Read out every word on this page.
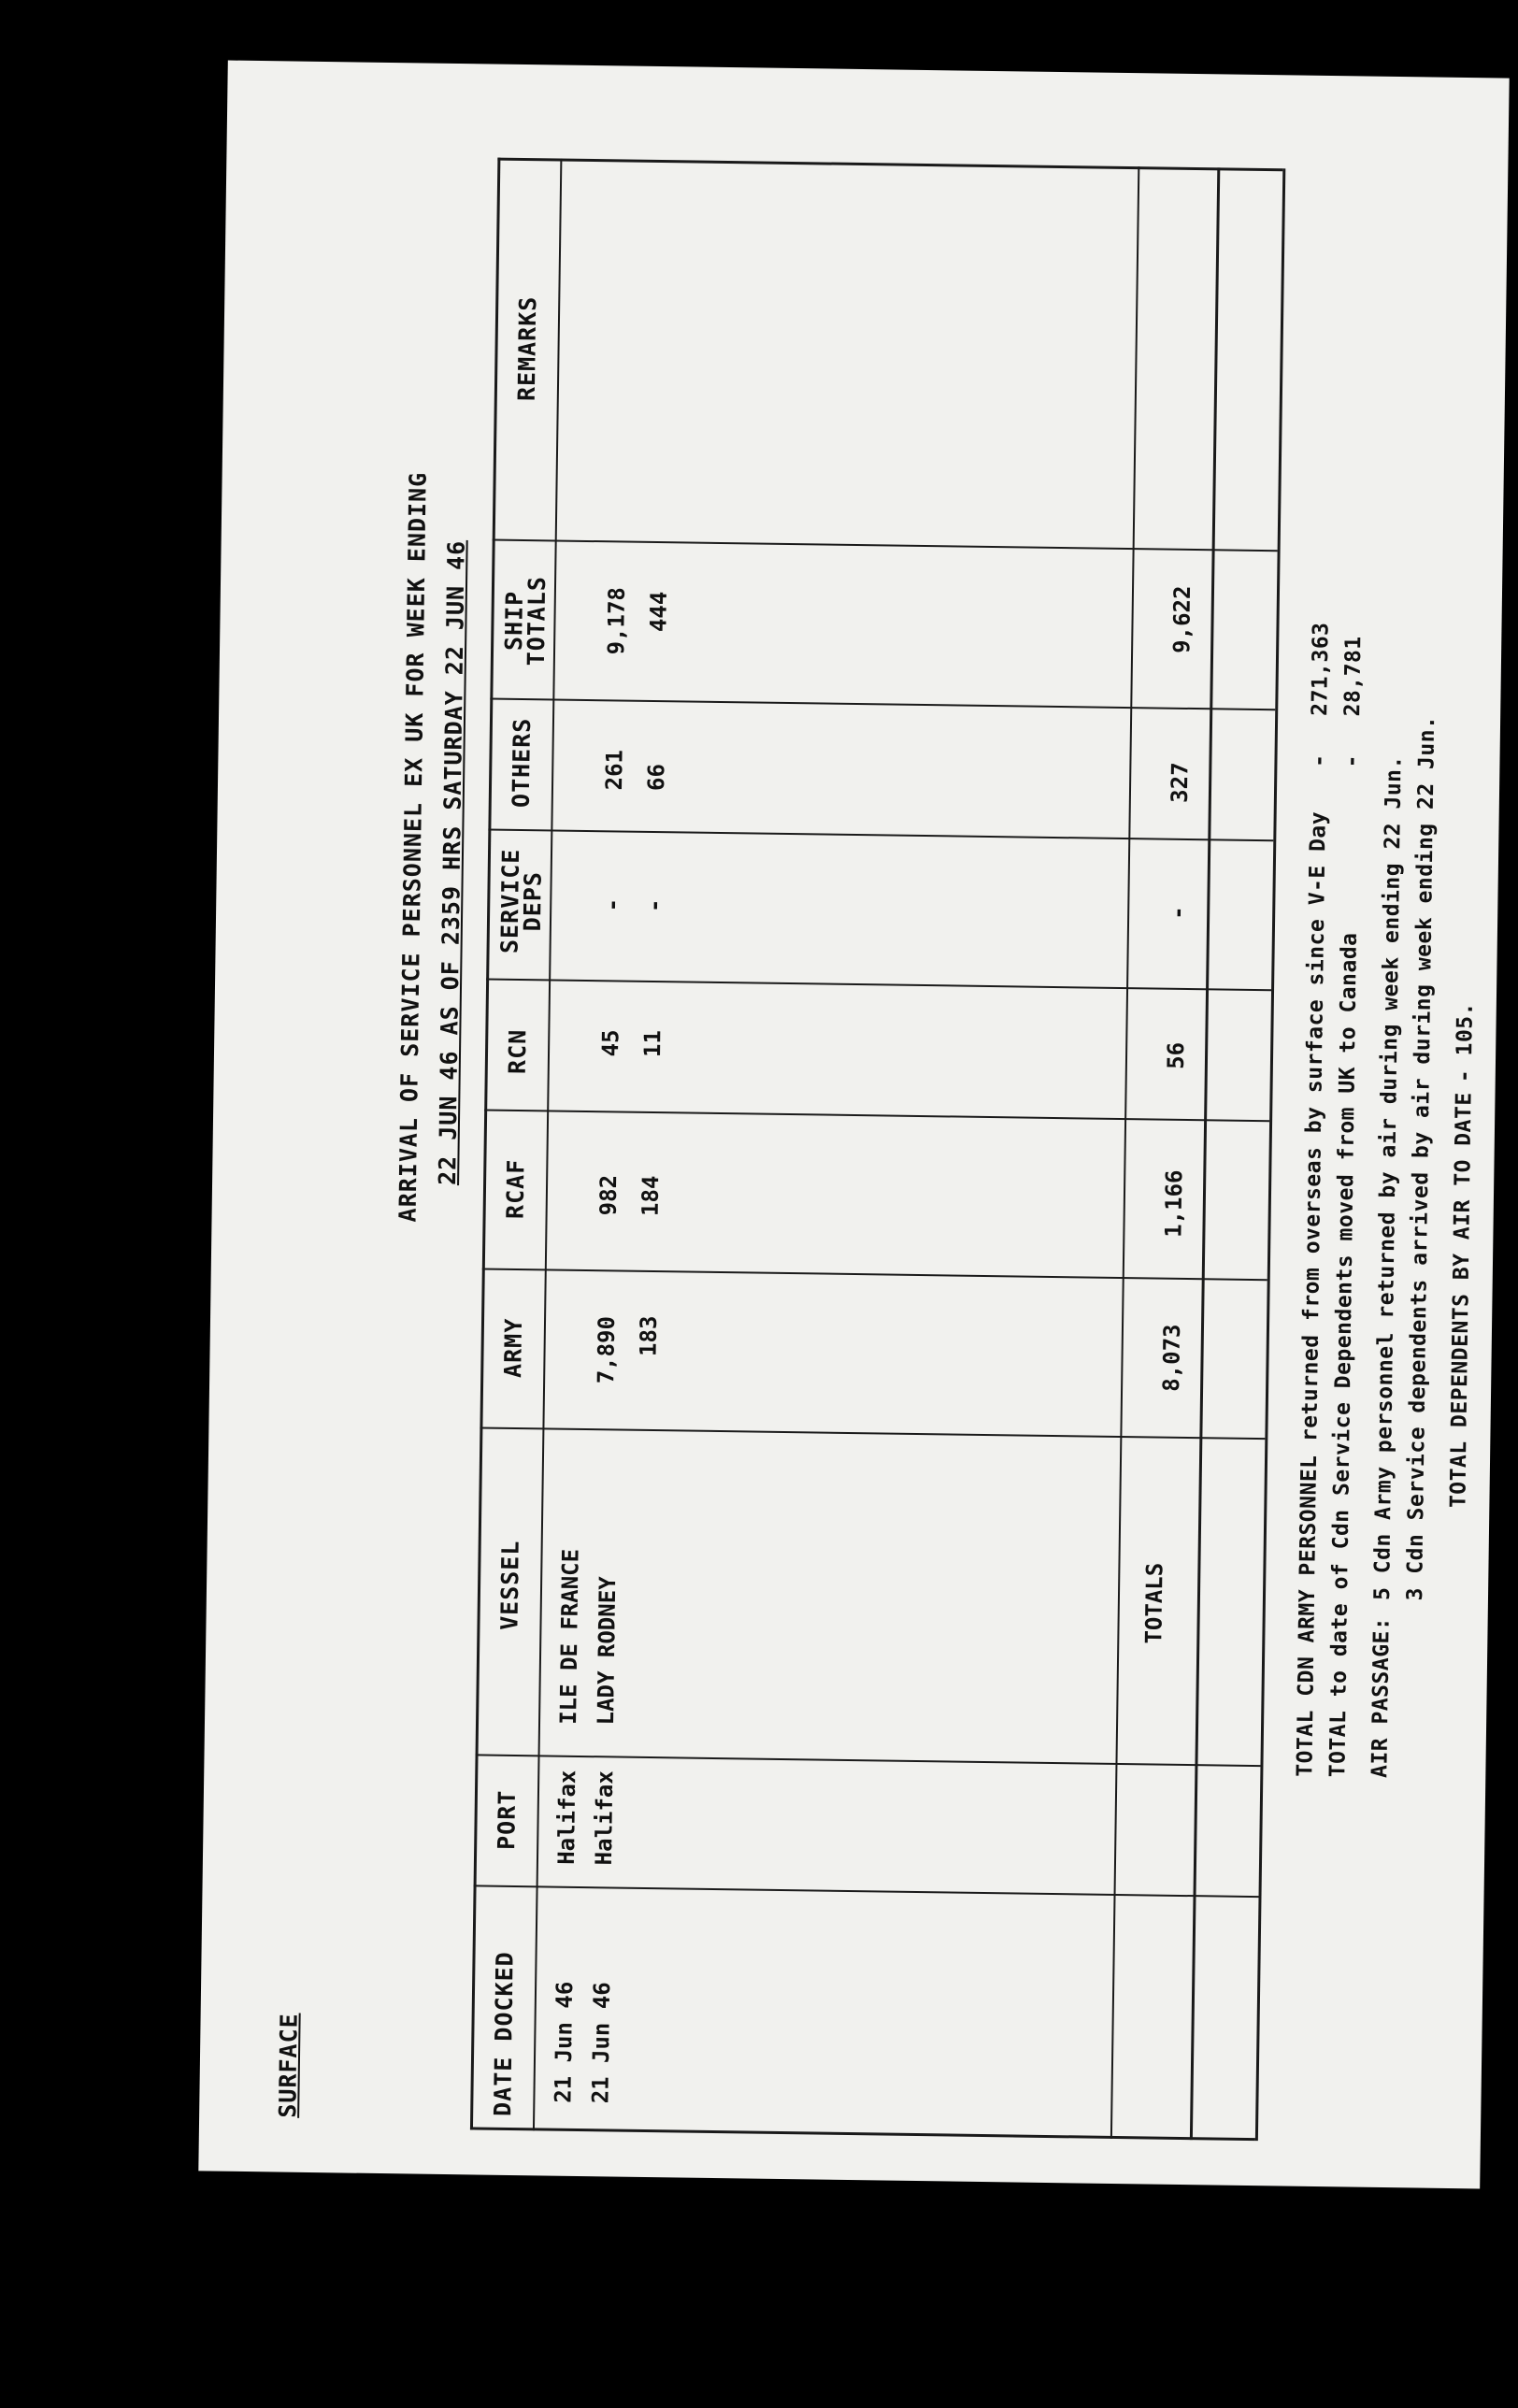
SURFACE
ARRIVAL OF SERVICE PERSONNEL EX UK FOR WEEK ENDING 22 JUN 46 AS OF 2359 HRS SATURDAY 22 JUN 46
DATE DOCKED
PORT
VESSEL
ARMY
RCAF
RCN
SERVICE DEPS
OTHERS
SHIP TOTALS
REMARKS
21 Jun 46
Halifax
ILE DE FRANCE
7,890
982
45
-
261
9,178
21 Jun 46
Halifax
LADY RODNEY
183
184
11
-
66
444
TOTALS
8,073
1,166
56
-
327
9,622
TOTAL CDN ARMY PERSONNEL returned from overseas by surface since V-E Day
-
271,363
TOTAL to date of Cdn Service Dependents moved from UK to Canada
-
28,781
AIR PASSAGE:
5 Cdn Army personnel returned by air during week ending 22 Jun.
3 Cdn Service dependents arrived by air during week ending 22 Jun. TOTAL DEPENDENTS BY AIR TO DATE
- 105.
